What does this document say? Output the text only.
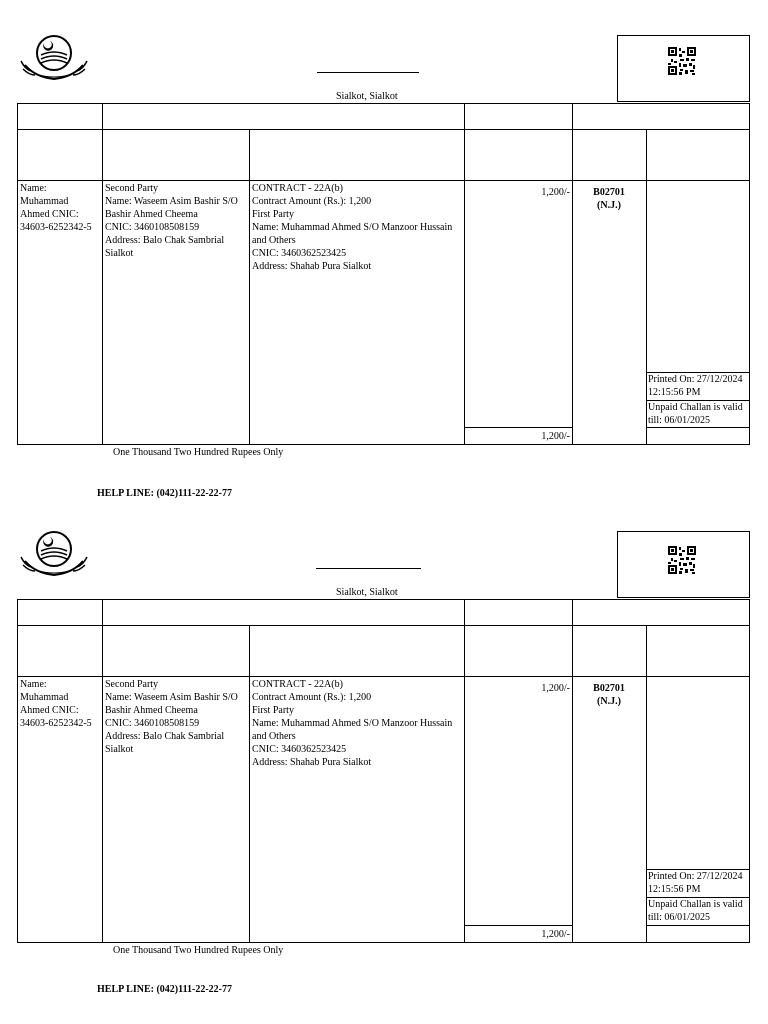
Sialkot, Sialkot
Name: Muhammad Ahmed CNIC: 34603-6252342-5
Second Party
Name: Waseem Asim Bashir S/O
Bashir Ahmed Cheema
CNIC: 3460108508159
Address: Balo Chak Sambrial
Sialkot
CONTRACT - 22A(b)
Contract Amount (Rs.): 1,200
First Party
Name: Muhammad Ahmed S/O Manzoor Hussain
and Others
CNIC: 3460362523425
Address: Shahab Pura Sialkot
1,200/-	B02701
(N.J.)
Printed On: 27/12/2024 12:15:56 PM
Unpaid Challan is valid till: 06/01/2025
1,200/-
One Thousand Two Hundred Rupees Only
HELP LINE: (042)111-22-22-77
Sialkot, Sialkot
Name: Muhammad Ahmed CNIC: 34603-6252342-5
Second Party
Name: Waseem Asim Bashir S/O
Bashir Ahmed Cheema
CNIC: 3460108508159
Address: Balo Chak Sambrial
Sialkot
CONTRACT - 22A(b)
Contract Amount (Rs.): 1,200
First Party
Name: Muhammad Ahmed S/O Manzoor Hussain
and Others
CNIC: 3460362523425
Address: Shahab Pura Sialkot
1,200/-	B02701
(N.J.)
Printed On: 27/12/2024 12:15:56 PM
Unpaid Challan is valid till: 06/01/2025
1,200/-
One Thousand Two Hundred Rupees Only
HELP LINE: (042)111-22-22-77
